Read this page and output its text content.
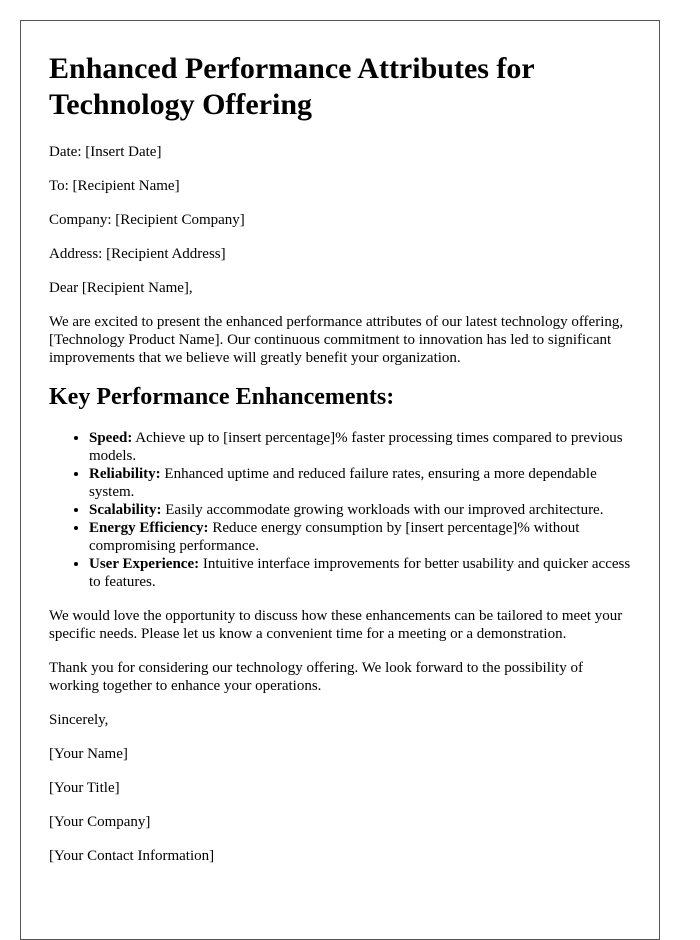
Enhanced Performance Attributes for Technology Offering

Date: [Insert Date]

To: [Recipient Name]

Company: [Recipient Company]

Address: [Recipient Address]

Dear [Recipient Name],

We are excited to present the enhanced performance attributes of our latest technology offering, [Technology Product Name]. Our continuous commitment to innovation has led to significant improvements that we believe will greatly benefit your organization.

Key Performance Enhancements:
• Speed: Achieve up to [insert percentage]% faster processing times compared to previous models.
• Reliability: Enhanced uptime and reduced failure rates, ensuring a more dependable system.
• Scalability: Easily accommodate growing workloads with our improved architecture.
• Energy Efficiency: Reduce energy consumption by [insert percentage]% without compromising performance.
• User Experience: Intuitive interface improvements for better usability and quicker access to features.

We would love the opportunity to discuss how these enhancements can be tailored to meet your specific needs. Please let us know a convenient time for a meeting or a demonstration.

Thank you for considering our technology offering. We look forward to the possibility of working together to enhance your operations.

Sincerely,

[Your Name]

[Your Title]

[Your Company]

[Your Contact Information]
